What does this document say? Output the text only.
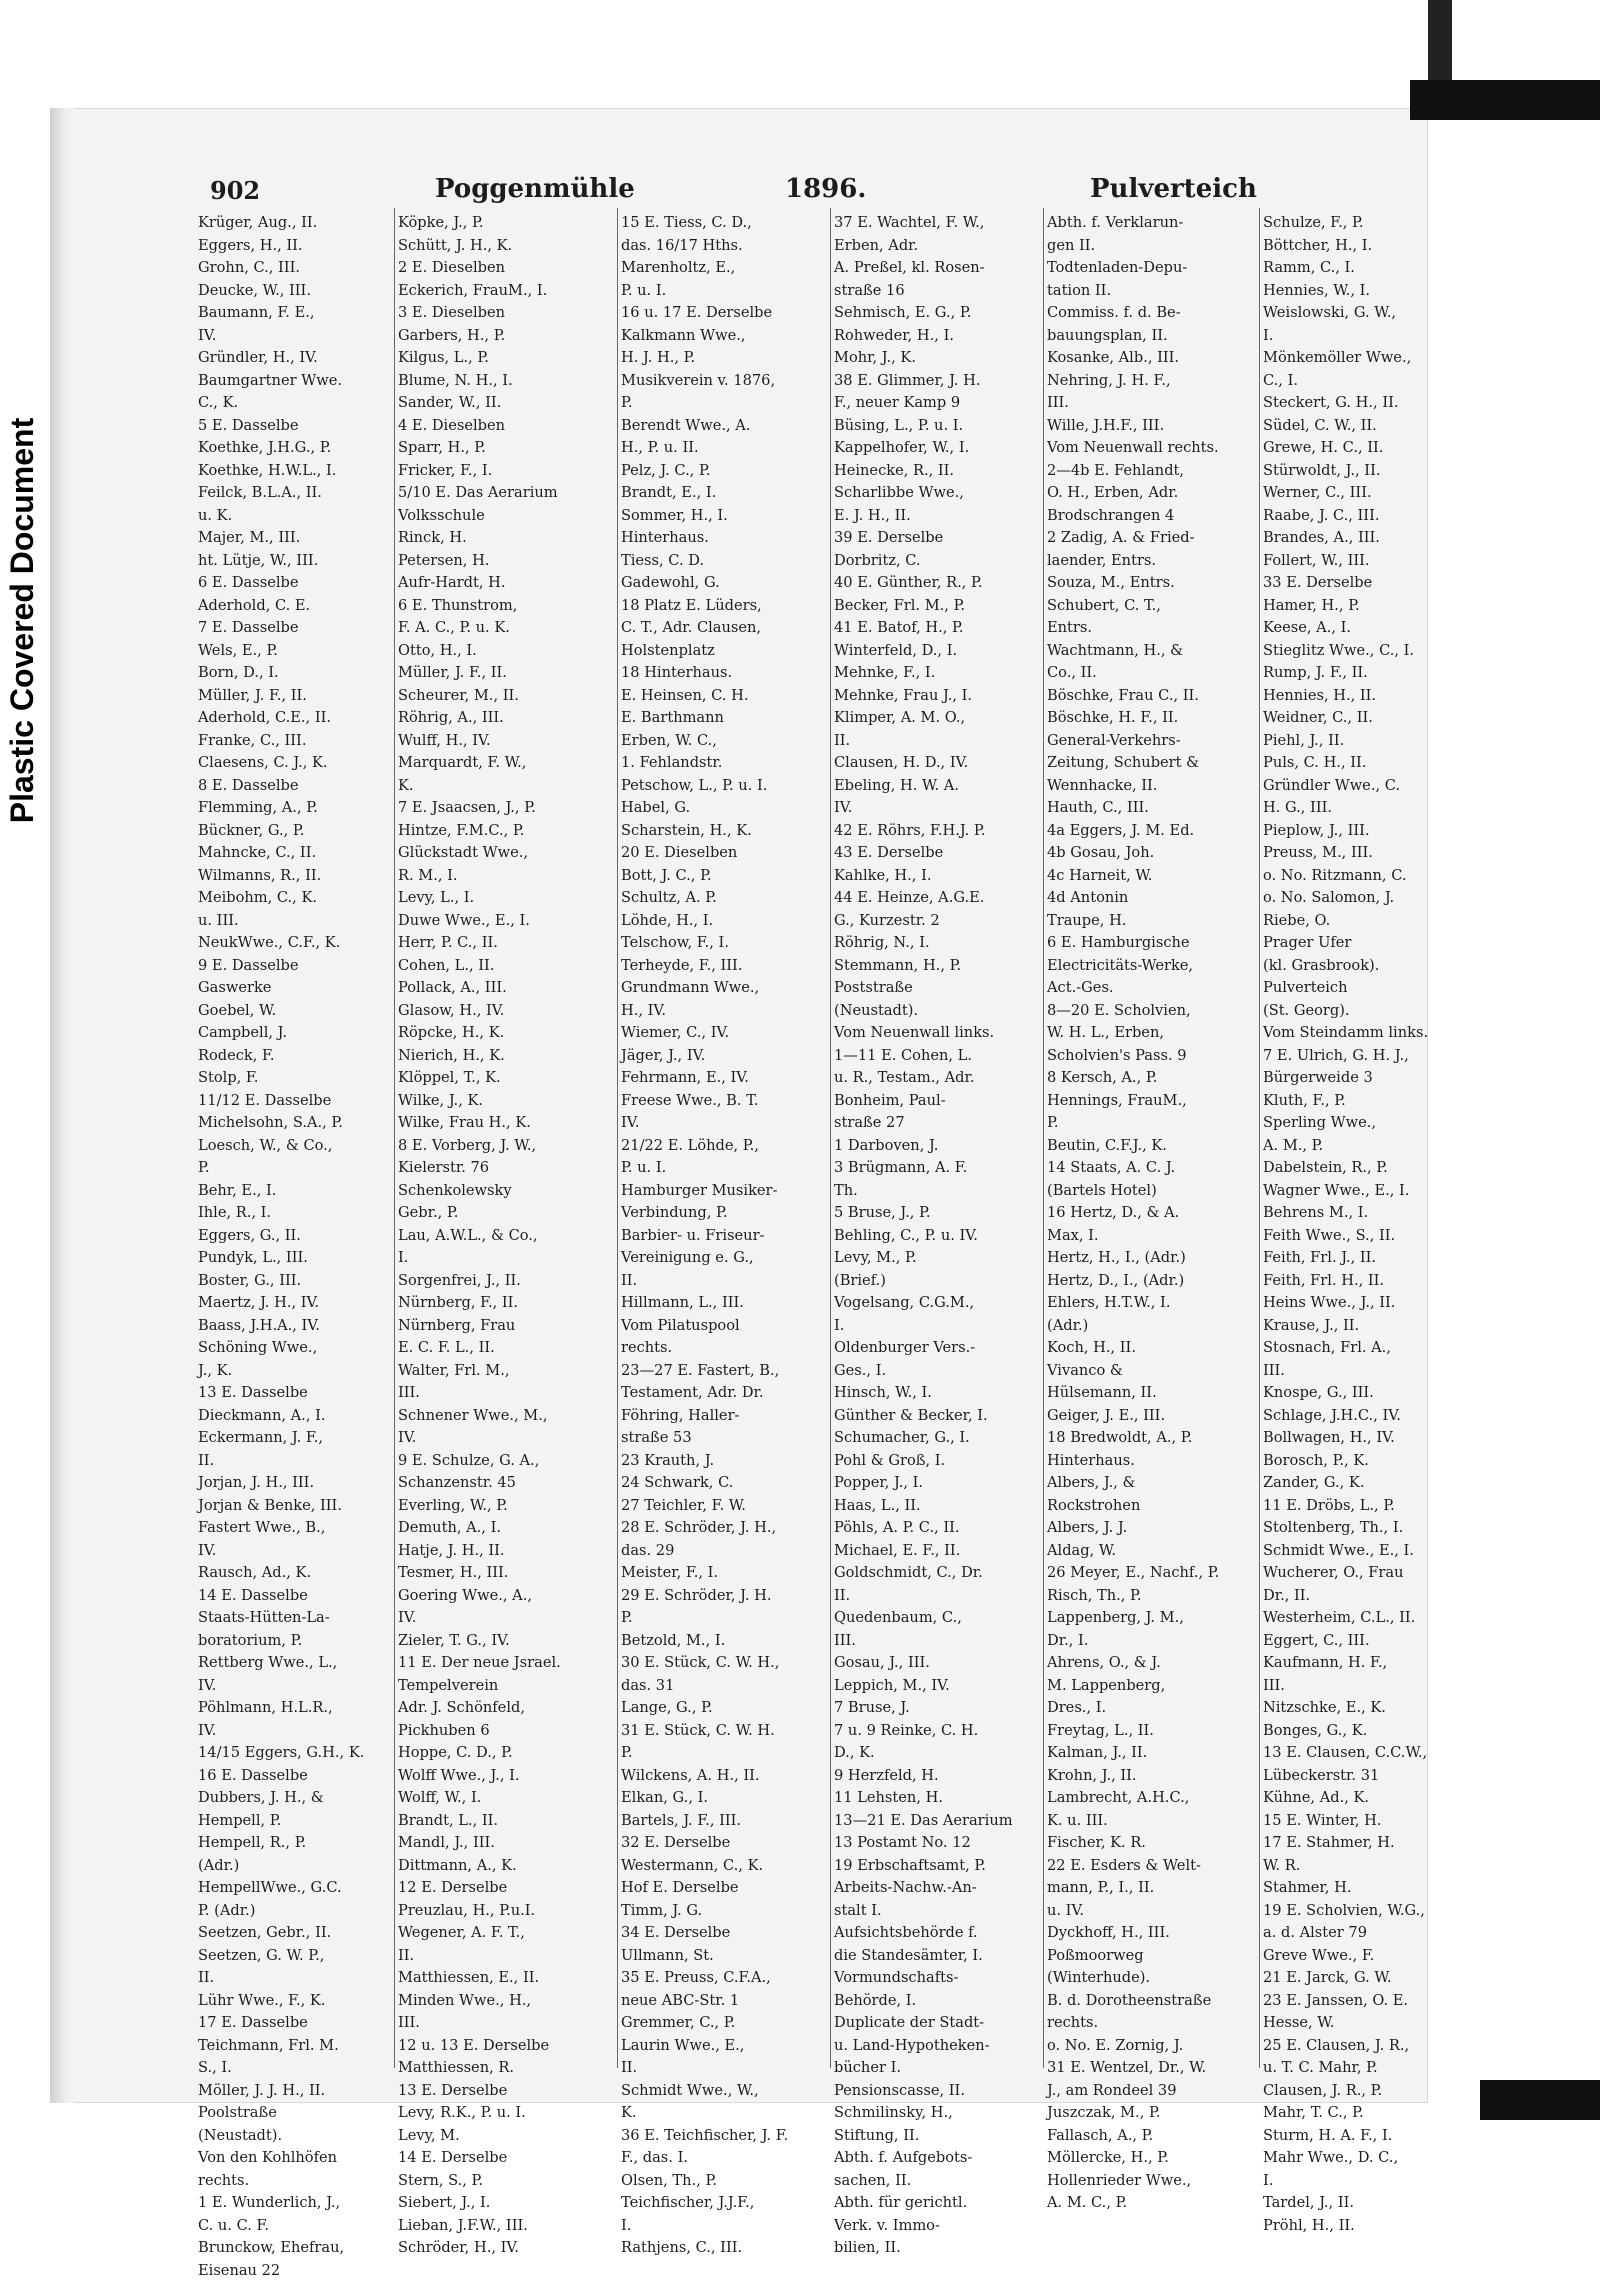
Plastic Covered Document
902	Poggenmühle	1896.	Pulverteich
Krüger, Aug., II.
Eggers, H., II.
Grohn, C., III.
Deucke, W., III.
Baumann, F. E.,
IV.
Gründler, H., IV.
Baumgartner Wwe.
C., K.
5 E. Dasselbe
Koethke, J.H.G., P.
Koethke, H.W.L., I.
Feilck, B.L.A., II.
u. K.
Majer, M., III.
ht. Lütje, W., III.
6 E. Dasselbe
Aderhold, C. E.
7 E. Dasselbe
Wels, E., P.
Born, D., I.
Müller, J. F., II.
Aderhold, C.E., II.
Franke, C., III.
Claesens, C. J., K.
8 E. Dasselbe
Flemming, A., P.
Bückner, G., P.
Mahncke, C., II.
Wilmanns, R., II.
Meibohm, C., K.
u. III.
NeukWwe., C.F., K.
9 E. Dasselbe
Gaswerke
Goebel, W.
Campbell, J.
Rodeck, F.
Stolp, F.
11/12 E. Dasselbe
Michelsohn, S.A., P.
Loesch, W., & Co.,
P.
Behr, E., I.
Ihle, R., I.
Eggers, G., II.
Pundyk, L., III.
Boster, G., III.
Maertz, J. H., IV.
Baass, J.H.A., IV.
Schöning Wwe.,
J., K.
13 E. Dasselbe
Dieckmann, A., I.
Eckermann, J. F.,
II.
Jorjan, J. H., III.
Jorjan & Benke, III.
Fastert Wwe., B.,
IV.
Rausch, Ad., K.
14 E. Dasselbe
Staats-Hütten-La-
boratorium, P.
Rettberg Wwe., L.,
IV.
Pöhlmann, H.L.R.,
IV.
14/15 Eggers, G.H., K.
16 E. Dasselbe
Dubbers, J. H., &
Hempell, P.
Hempell, R., P.
(Adr.)
HempellWwe., G.C.
P. (Adr.)
Seetzen, Gebr., II.
Seetzen, G. W. P.,
II.
Lühr Wwe., F., K.
17 E. Dasselbe
Teichmann, Frl. M.
S., I.
Möller, J. J. H., II.
Poolstraße
(Neustadt).
Von den Kohlhöfen
rechts.
1 E. Wunderlich, J.,
C. u. C. F.
Brunckow, Ehefrau,
Eisenau 22
Köpke, J., P.
Schütt, J. H., K.
2 E. Dieselben
Eckerich, FrauM., I.
3 E. Dieselben
Garbers, H., P.
Kilgus, L., P.
Blume, N. H., I.
Sander, W., II.
4 E. Dieselben
Sparr, H., P.
Fricker, F., I.
5/10 E. Das Aerarium
Volksschule
Rinck, H.
Petersen, H.
Aufr-Hardt, H.
6 E. Thunstrom,
F. A. C., P. u. K.
Otto, H., I.
Müller, J. F., II.
Scheurer, M., II.
Röhrig, A., III.
Wulff, H., IV.
Marquardt, F. W.,
K.
7 E. Jsaacsen, J., P.
Hintze, F.M.C., P.
Glückstadt Wwe.,
R. M., I.
Levy, L., I.
Duwe Wwe., E., I.
Herr, P. C., II.
Cohen, L., II.
Pollack, A., III.
Glasow, H., IV.
Röpcke, H., K.
Nierich, H., K.
Klöppel, T., K.
Wilke, J., K.
Wilke, Frau H., K.
8 E. Vorberg, J. W.,
Kielerstr. 76
Schenkolewsky
Gebr., P.
Lau, A.W.L., & Co.,
I.
Sorgenfrei, J., II.
Nürnberg, F., II.
Nürnberg, Frau
E. C. F. L., II.
Walter, Frl. M.,
III.
Schnener Wwe., M.,
IV.
9 E. Schulze, G. A.,
Schanzenstr. 45
Everling, W., P.
Demuth, A., I.
Hatje, J. H., II.
Tesmer, H., III.
Goering Wwe., A.,
IV.
Zieler, T. G., IV.
11 E. Der neue Jsrael.
Tempelverein
Adr. J. Schönfeld,
Pickhuben 6
Hoppe, C. D., P.
Wolff Wwe., J., I.
Wolff, W., I.
Brandt, L., II.
Mandl, J., III.
Dittmann, A., K.
12 E. Derselbe
Preuzlau, H., P.u.I.
Wegener, A. F. T.,
II.
Matthiessen, E., II.
Minden Wwe., H.,
III.
12 u. 13 E. Derselbe
Matthiessen, R.
13 E. Derselbe
Levy, R.K., P. u. I.
Levy, M.
14 E. Derselbe
Stern, S., P.
Siebert, J., I.
Lieban, J.F.W., III.
Schröder, H., IV.
15 E. Tiess, C. D.,
das. 16/17 Hths.
Marenholtz, E.,
P. u. I.
16 u. 17 E. Derselbe
Kalkmann Wwe.,
H. J. H., P.
Musikverein v. 1876,
P.
Berendt Wwe., A.
H., P. u. II.
Pelz, J. C., P.
Brandt, E., I.
Sommer, H., I.
Hinterhaus.
Tiess, C. D.
Gadewohl, G.
18 Platz E. Lüders,
C. T., Adr. Clausen,
Holstenplatz
18 Hinterhaus.
E. Heinsen, C. H.
E. Barthmann
Erben, W. C.,
1. Fehlandstr.
Petschow, L., P. u. I.
Habel, G.
Scharstein, H., K.
20 E. Dieselben
Bott, J. C., P.
Schultz, A. P.
Löhde, H., I.
Telschow, F., I.
Terheyde, F., III.
Grundmann Wwe.,
H., IV.
Wiemer, C., IV.
Jäger, J., IV.
Fehrmann, E., IV.
Freese Wwe., B. T.
IV.
21/22 E. Löhde, P.,
P. u. I.
Hamburger Musiker-
Verbindung, P.
Barbier- u. Friseur-
Vereinigung e. G.,
II.
Hillmann, L., III.
Vom Pilatuspool
rechts.
23—27 E. Fastert, B.,
Testament, Adr. Dr.
Föhring, Haller-
straße 53
23 Krauth, J.
24 Schwark, C.
27 Teichler, F. W.
28 E. Schröder, J. H.,
das. 29
Meister, F., I.
29 E. Schröder, J. H.
P.
Betzold, M., I.
30 E. Stück, C. W. H.,
das. 31
Lange, G., P.
31 E. Stück, C. W. H.
P.
Wilckens, A. H., II.
Elkan, G., I.
Bartels, J. F., III.
32 E. Derselbe
Westermann, C., K.
Hof E. Derselbe
Timm, J. G.
34 E. Derselbe
Ullmann, St.
35 E. Preuss, C.F.A.,
neue ABC-Str. 1
Gremmer, C., P.
Laurin Wwe., E.,
II.
Schmidt Wwe., W.,
K.
36 E. Teichfischer, J. F.
F., das. I.
Olsen, Th., P.
Teichfischer, J.J.F.,
I.
Rathjens, C., III.
37 E. Wachtel, F. W.,
Erben, Adr.
A. Preßel, kl. Rosen-
straße 16
Sehmisch, E. G., P.
Rohweder, H., I.
Mohr, J., K.
38 E. Glimmer, J. H.
F., neuer Kamp 9
Büsing, L., P. u. I.
Kappelhofer, W., I.
Heinecke, R., II.
Scharlibbe Wwe.,
E. J. H., II.
39 E. Derselbe
Dorbritz, C.
40 E. Günther, R., P.
Becker, Frl. M., P.
41 E. Batof, H., P.
Winterfeld, D., I.
Mehnke, F., I.
Mehnke, Frau J., I.
Klimper, A. M. O.,
II.
Clausen, H. D., IV.
Ebeling, H. W. A.
IV.
42 E. Röhrs, F.H.J. P.
43 E. Derselbe
Kahlke, H., I.
44 E. Heinze, A.G.E.
G., Kurzestr. 2
Röhrig, N., I.
Stemmann, H., P.
Poststraße
(Neustadt).
Vom Neuenwall links.
1—11 E. Cohen, L.
u. R., Testam., Adr.
Bonheim, Paul-
straße 27
1 Darboven, J.
3 Brügmann, A. F.
Th.
5 Bruse, J., P.
Behling, C., P. u. IV.
Levy, M., P.
(Brief.)
Vogelsang, C.G.M.,
I.
Oldenburger Vers.-
Ges., I.
Hinsch, W., I.
Günther & Becker, I.
Schumacher, G., I.
Pohl & Groß, I.
Popper, J., I.
Haas, L., II.
Pöhls, A. P. C., II.
Michael, E. F., II.
Goldschmidt, C., Dr.
II.
Quedenbaum, C.,
III.
Gosau, J., III.
Leppich, M., IV.
7 Bruse, J.
7 u. 9 Reinke, C. H.
D., K.
9 Herzfeld, H.
11 Lehsten, H.
13—21 E. Das Aerarium
13 Postamt No. 12
19 Erbschaftsamt, P.
Arbeits-Nachw.-An-
stalt I.
Aufsichtsbehörde f.
die Standesämter, I.
Vormundschafts-
Behörde, I.
Duplicate der Stadt-
u. Land-Hypotheken-
bücher I.
Pensionscasse, II.
Schmilinsky, H.,
Stiftung, II.
Abth. f. Aufgebots-
sachen, II.
Abth. für gerichtl.
Verk. v. Immo-
bilien, II.
Abth. f. Verklarun-
gen II.
Todtenladen-Depu-
tation II.
Commiss. f. d. Be-
bauungsplan, II.
Kosanke, Alb., III.
Nehring, J. H. F.,
III.
Wille, J.H.F., III.
Vom Neuenwall rechts.
2—4b E. Fehlandt,
O. H., Erben, Adr.
Brodschrangen 4
2 Zadig, A. & Fried-
laender, Entrs.
Souza, M., Entrs.
Schubert, C. T.,
Entrs.
Wachtmann, H., &
Co., II.
Böschke, Frau C., II.
Böschke, H. F., II.
General-Verkehrs-
Zeitung, Schubert &
Wennhacke, II.
Hauth, C., III.
4a Eggers, J. M. Ed.
4b Gosau, Joh.
4c Harneit, W.
4d Antonin
Traupe, H.
6 E. Hamburgische
Electricitäts-Werke,
Act.-Ges.
8—20 E. Scholvien,
W. H. L., Erben,
Scholvien's Pass. 9
8 Kersch, A., P.
Hennings, FrauM.,
P.
Beutin, C.F.J., K.
14 Staats, A. C. J.
(Bartels Hotel)
16 Hertz, D., & A.
Max, I.
Hertz, H., I., (Adr.)
Hertz, D., I., (Adr.)
Ehlers, H.T.W., I.
(Adr.)
Koch, H., II.
Vivanco &
Hülsemann, II.
Geiger, J. E., III.
18 Bredwoldt, A., P.
Hinterhaus.
Albers, J., &
Rockstrohen
Albers, J. J.
Aldag, W.
26 Meyer, E., Nachf., P.
Risch, Th., P.
Lappenberg, J. M.,
Dr., I.
Ahrens, O., & J.
M. Lappenberg,
Dres., I.
Freytag, L., II.
Kalman, J., II.
Krohn, J., II.
Lambrecht, A.H.C.,
K. u. III.
Fischer, K. R.
22 E. Esders & Welt-
mann, P., I., II.
u. IV.
Dyckhoff, H., III.
Poßmoorweg
(Winterhude).
B. d. Dorotheenstraße
rechts.
o. No. E. Zornig, J.
31 E. Wentzel, Dr., W.
J., am Rondeel 39
Juszczak, M., P.
Fallasch, A., P.
Möllercke, H., P.
Hollenrieder Wwe.,
A. M. C., P.
Schulze, F., P.
Böttcher, H., I.
Ramm, C., I.
Hennies, W., I.
Weislowski, G. W.,
I.
Mönkemöller Wwe.,
C., I.
Steckert, G. H., II.
Südel, C. W., II.
Grewe, H. C., II.
Stürwoldt, J., II.
Werner, C., III.
Raabe, J. C., III.
Brandes, A., III.
Follert, W., III.
33 E. Derselbe
Hamer, H., P.
Keese, A., I.
Stieglitz Wwe., C., I.
Rump, J. F., II.
Hennies, H., II.
Weidner, C., II.
Piehl, J., II.
Puls, C. H., II.
Gründler Wwe., C.
H. G., III.
Pieplow, J., III.
Preuss, M., III.
o. No. Ritzmann, C.
o. No. Salomon, J.
Riebe, O.
Prager Ufer
(kl. Grasbrook).
Pulverteich
(St. Georg).
Vom Steindamm links.
7 E. Ulrich, G. H. J.,
Bürgerweide 3
Kluth, F., P.
Sperling Wwe.,
A. M., P.
Dabelstein, R., P.
Wagner Wwe., E., I.
Behrens M., I.
Feith Wwe., S., II.
Feith, Frl. J., II.
Feith, Frl. H., II.
Heins Wwe., J., II.
Krause, J., II.
Stosnach, Frl. A.,
III.
Knospe, G., III.
Schlage, J.H.C., IV.
Bollwagen, H., IV.
Borosch, P., K.
Zander, G., K.
11 E. Dröbs, L., P.
Stoltenberg, Th., I.
Schmidt Wwe., E., I.
Wucherer, O., Frau
Dr., II.
Westerheim, C.L., II.
Eggert, C., III.
Kaufmann, H. F.,
III.
Nitzschke, E., K.
Bonges, G., K.
13 E. Clausen, C.C.W.,
Lübeckerstr. 31
Kühne, Ad., K.
15 E. Winter, H.
17 E. Stahmer, H.
W. R.
Stahmer, H.
19 E. Scholvien, W.G.,
a. d. Alster 79
Greve Wwe., F.
21 E. Jarck, G. W.
23 E. Janssen, O. E.
Hesse, W.
25 E. Clausen, J. R.,
u. T. C. Mahr, P.
Clausen, J. R., P.
Mahr, T. C., P.
Sturm, H. A. F., I.
Mahr Wwe., D. C.,
I.
Tardel, J., II.
Pröhl, H., II.
